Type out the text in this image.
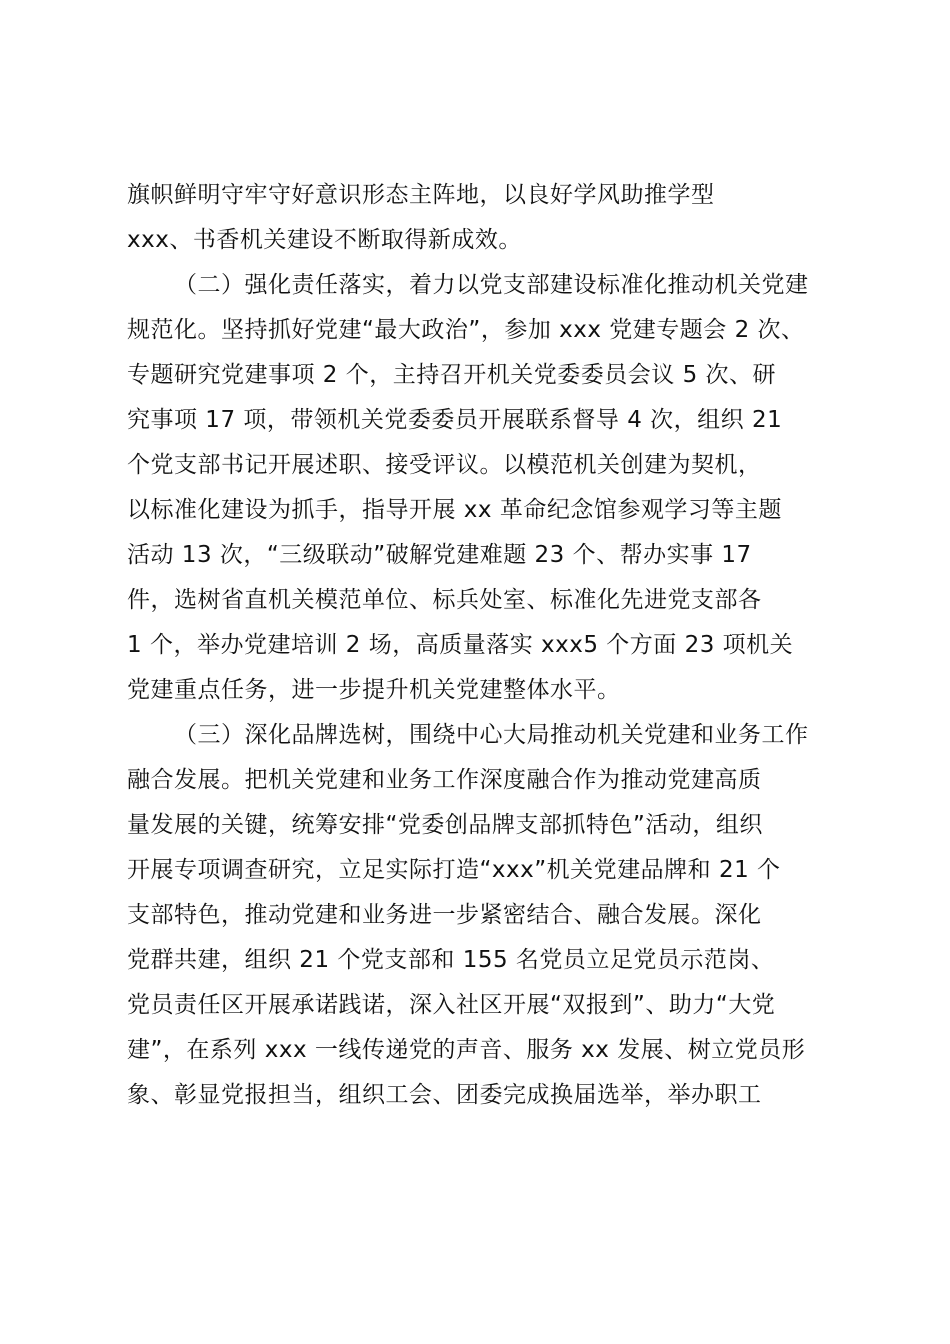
旗帜鲜明守牢守好意识形态主阵地，以良好学风助推学型
xxx、书香机关建设不断取得新成效。
（二）强化责任落实，着力以党支部建设标准化推动机关党建
规范化。坚持抓好党建“最大政治”，参加 xxx 党建专题会 2 次、
专题研究党建事项 2 个，主持召开机关党委委员会议 5 次、研
究事项 17 项，带领机关党委委员开展联系督导 4 次，组织 21
个党支部书记开展述职、接受评议。以模范机关创建为契机，
以标准化建设为抓手，指导开展 xx 革命纪念馆参观学习等主题
活动 13 次，“三级联动”破解党建难题 23 个、帮办实事 17
件，选树省直机关模范单位、标兵处室、标准化先进党支部各
1 个，举办党建培训 2 场，高质量落实 xxx5 个方面 23 项机关
党建重点任务，进一步提升机关党建整体水平。
（三）深化品牌选树，围绕中心大局推动机关党建和业务工作
融合发展。把机关党建和业务工作深度融合作为推动党建高质
量发展的关键，统筹安排“党委创品牌支部抓特色”活动，组织
开展专项调查研究，立足实际打造“xxx”机关党建品牌和 21 个
支部特色，推动党建和业务进一步紧密结合、融合发展。深化
党群共建，组织 21 个党支部和 155 名党员立足党员示范岗、
党员责任区开展承诺践诺，深入社区开展“双报到”、助力“大党
建”，在系列 xxx 一线传递党的声音、服务 xx 发展、树立党员形
象、彰显党报担当，组织工会、团委完成换届选举，举办职工
